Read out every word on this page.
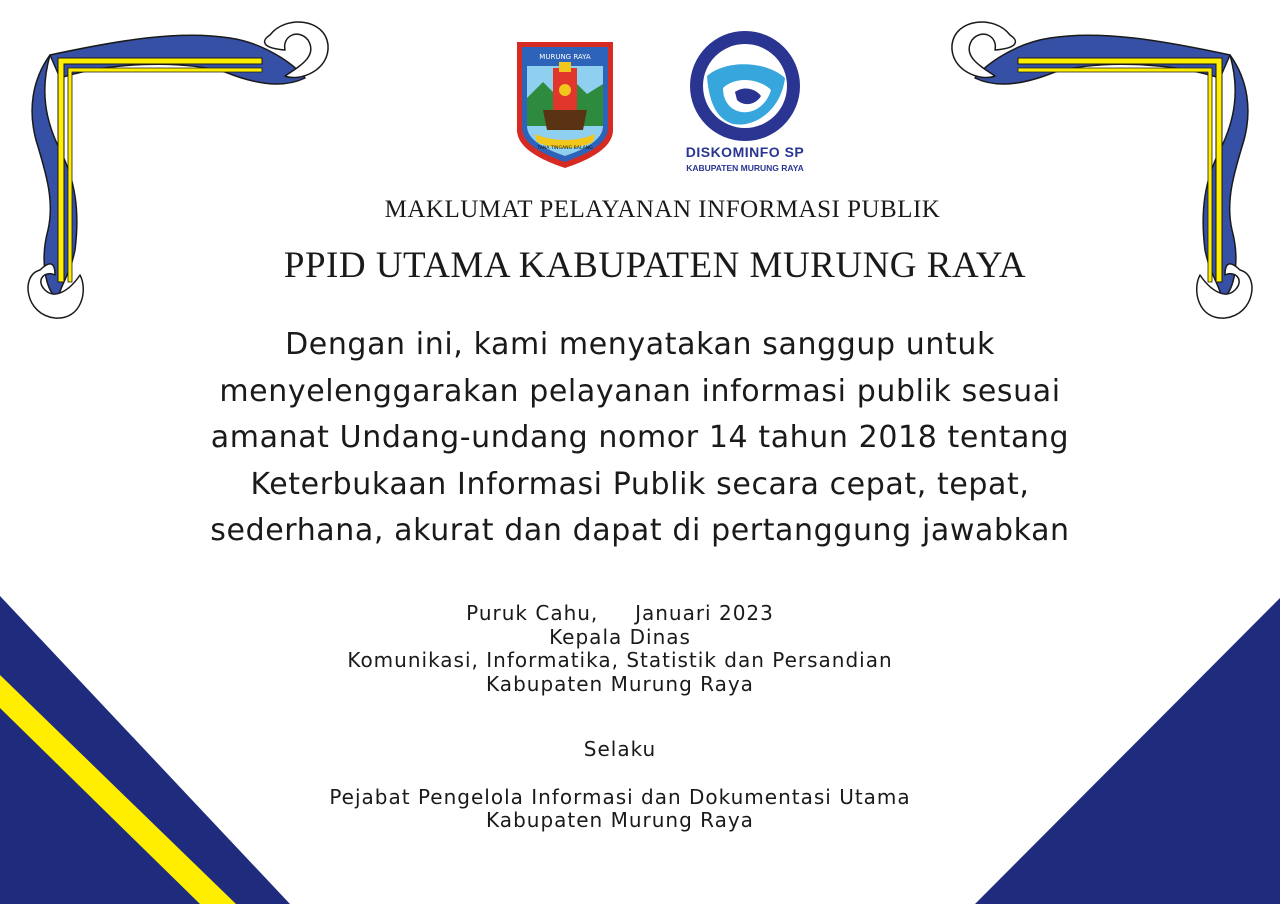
MURUNG RAYA
TANA TINGANG BALANG	DISKOMINFO SP
KABUPATEN MURUNG RAYA
MAKLUMAT PELAYANAN INFORMASI PUBLIK
PPID UTAMA KABUPATEN MURUNG RAYA
Dengan ini, kami menyatakan sanggup untuk
menyelenggarakan pelayanan informasi publik sesuai
amanat Undang-undang nomor 14 tahun 2018 tentang
Keterbukaan Informasi Publik secara cepat, tepat,
sederhana, akurat dan dapat di pertanggung jawabkan
Puruk Cahu,     Januari 2023
Kepala Dinas
Komunikasi, Informatika, Statistik dan Persandian
Kabupaten Murung Raya
Selaku
Pejabat Pengelola Informasi dan Dokumentasi Utama
Kabupaten Murung Raya
